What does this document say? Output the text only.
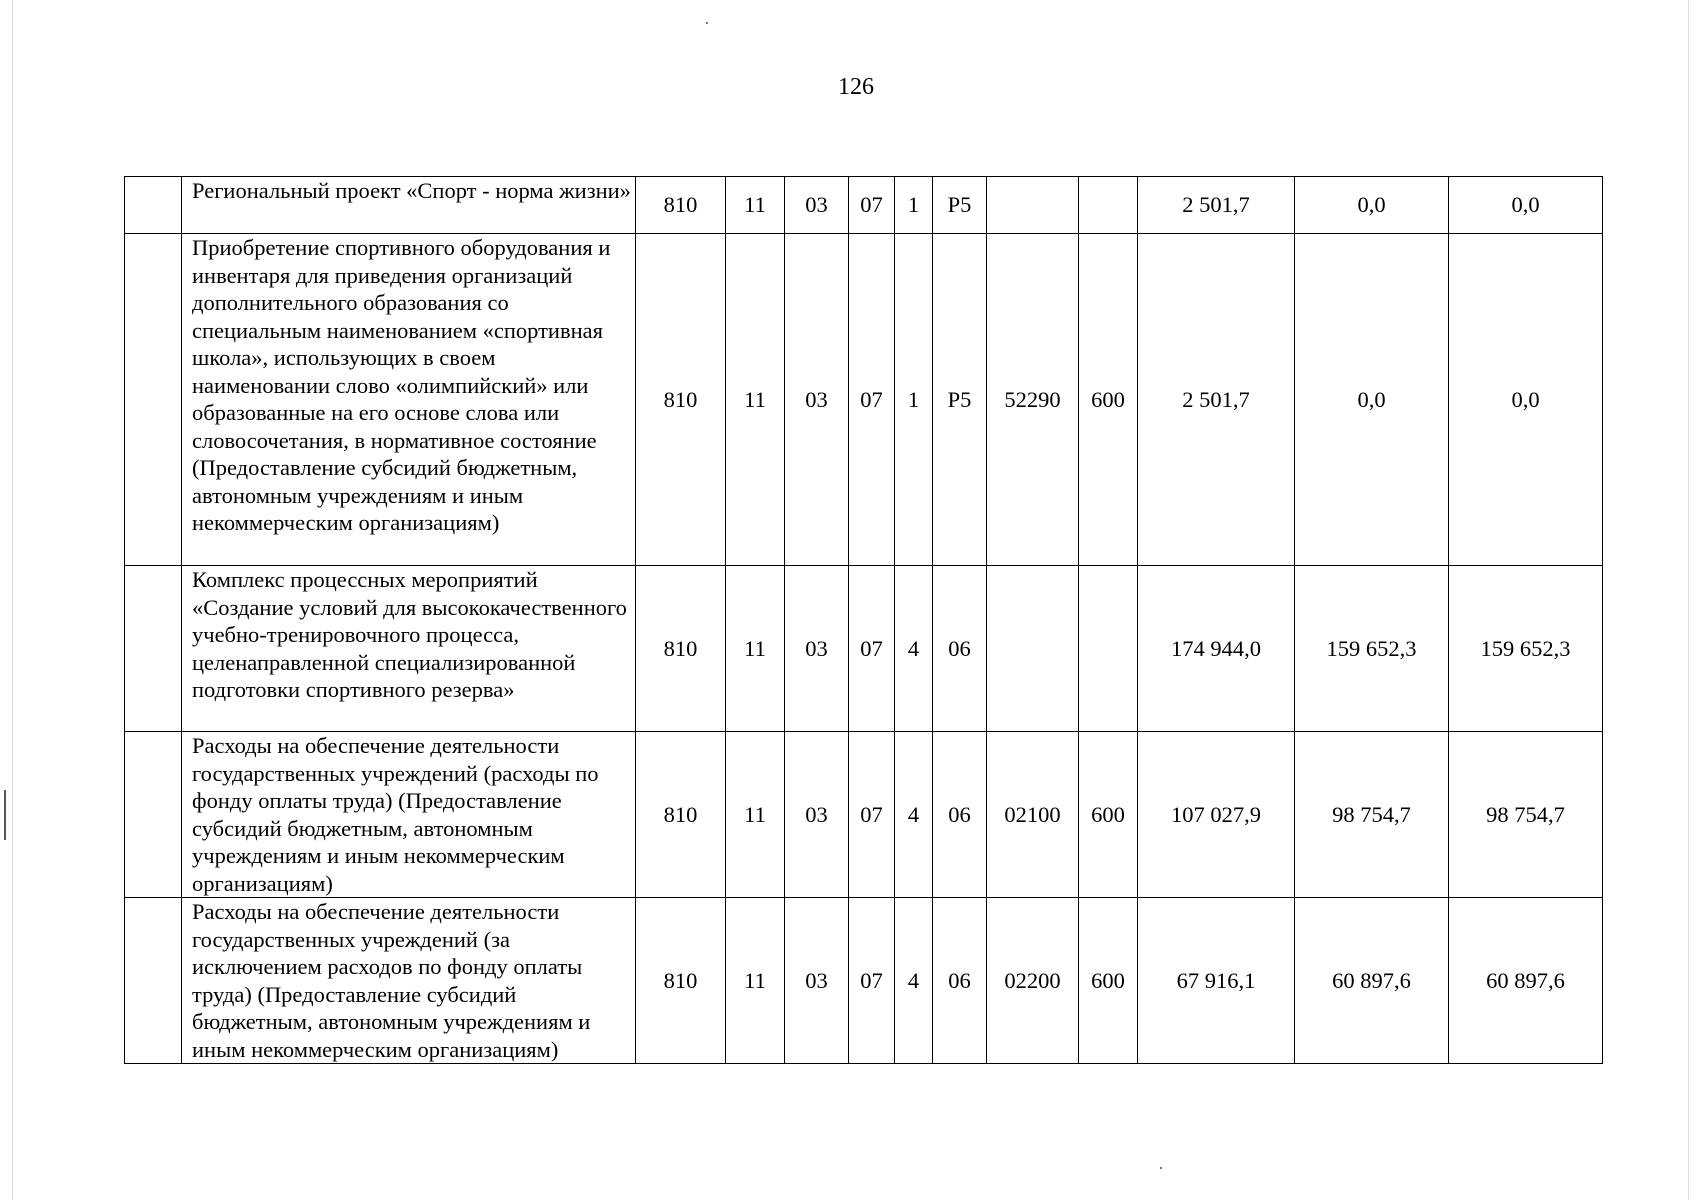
126
	Региональный проект «Спорт - норма жизни»	810	11	03	07	1	P5			2 501,7	0,0	0,0
	Приобретение спортивного оборудования и инвентаря для приведения организаций дополнительного образования со специальным наименованием «спортивная школа», использующих в своем наименовании слово «олимпийский» или образованные на его основе слова или словосочетания, в нормативное состояние (Предоставление субсидий бюджетным, автономным учреждениям и иным некоммерческим организациям)	810	11	03	07	1	P5	52290	600	2 501,7	0,0	0,0
	Комплекс процессных мероприятий «Создание условий для высококачественного учебно-тренировочного процесса, целенаправленной специализированной подготовки спортивного резерва»	810	11	03	07	4	06			174 944,0	159 652,3	159 652,3
	Расходы на обеспечение деятельности государственных учреждений (расходы по фонду оплаты труда) (Предоставление субсидий бюджетным, автономным учреждениям и иным некоммерческим организациям)	810	11	03	07	4	06	02100	600	107 027,9	98 754,7	98 754,7
	Расходы на обеспечение деятельности государственных учреждений (за исключением расходов по фонду оплаты труда) (Предоставление субсидий бюджетным, автономным учреждениям и иным некоммерческим организациям)	810	11	03	07	4	06	02200	600	67 916,1	60 897,6	60 897,6
